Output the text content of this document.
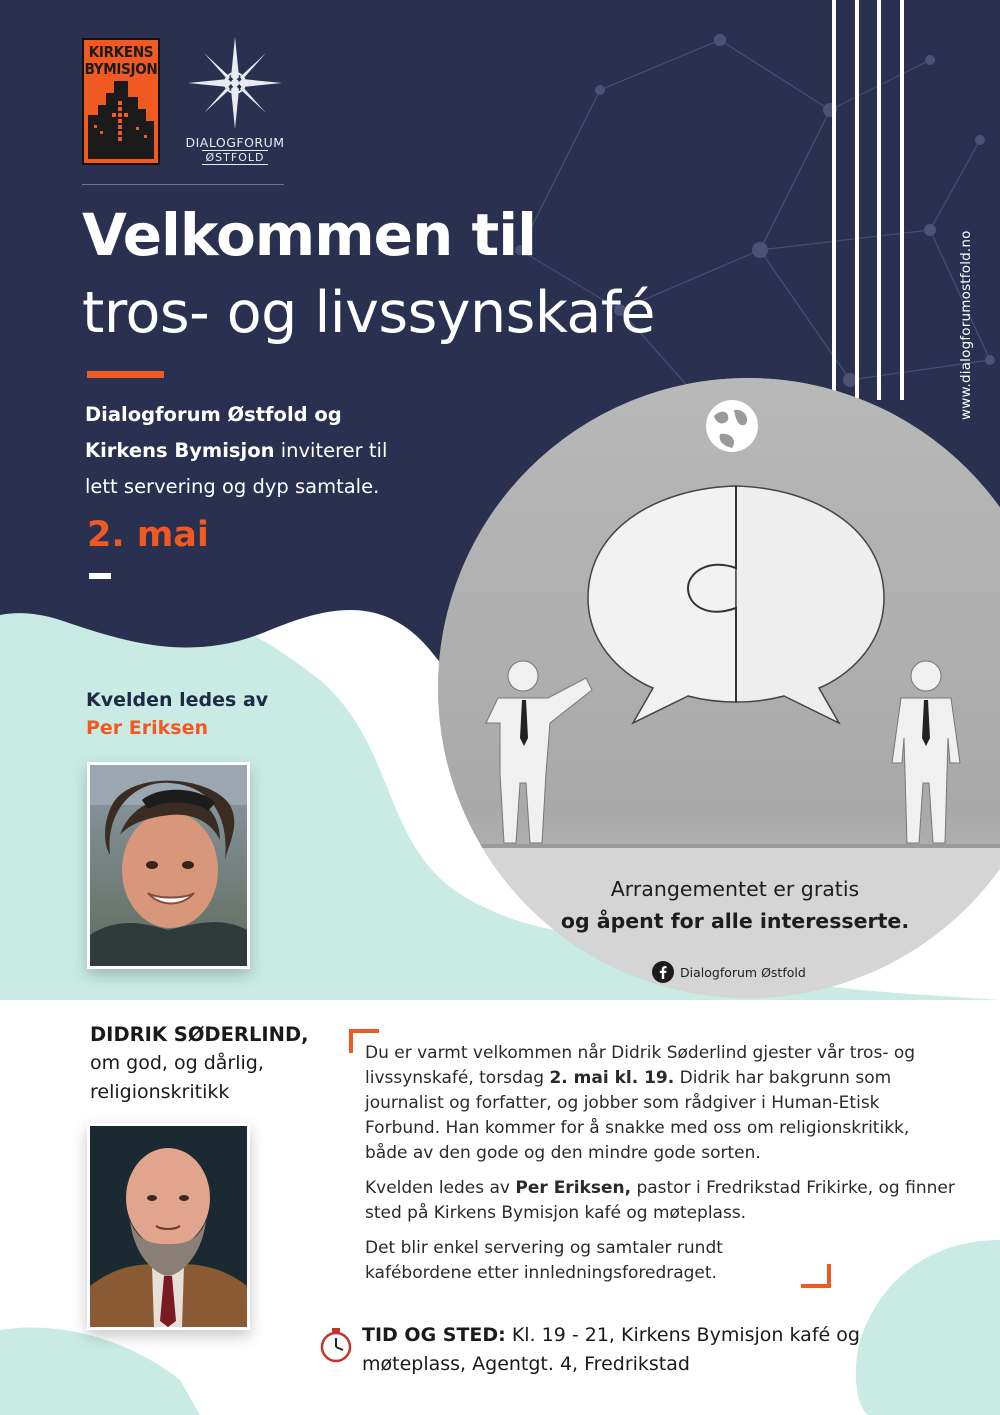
KIRKENS
BYMISJON
DIALOGFORUM
ØSTFOLD
Velkommen til
tros- og livssynskafé
Dialogforum Østfold og
Kirkens Bymisjon inviterer til
lett servering og dyp samtale.
2. mai
www.dialogforumostfold.no
Kvelden ledes av
Per Eriksen
Arrangementet er gratis
og åpent for alle interesserte.
Dialogforum Østfold
DIDRIK SØDERLIND,
om god, og dårlig, religionskritikk

Du er varmt velkommen når Didrik Søderlind gjester vår tros- og livssynskafé, torsdag 2. mai kl. 19. Didrik har bakgrunn som journalist og forfatter, og jobber som rådgiver i Human-Etisk Forbund. Han kommer for å snakke med oss om religionskritikk, både av den gode og den mindre gode sorten.

Kvelden ledes av Per Eriksen, pastor i Fredrikstad Frikirke, og finner sted på Kirkens Bymisjon kafé og møteplass.

Det blir enkel servering og samtaler rundt kafébordene etter innledningsforedraget.

TID OG STED: Kl. 19 - 21, Kirkens Bymisjon kafé og møteplass, Agentgt. 4, Fredrikstad
